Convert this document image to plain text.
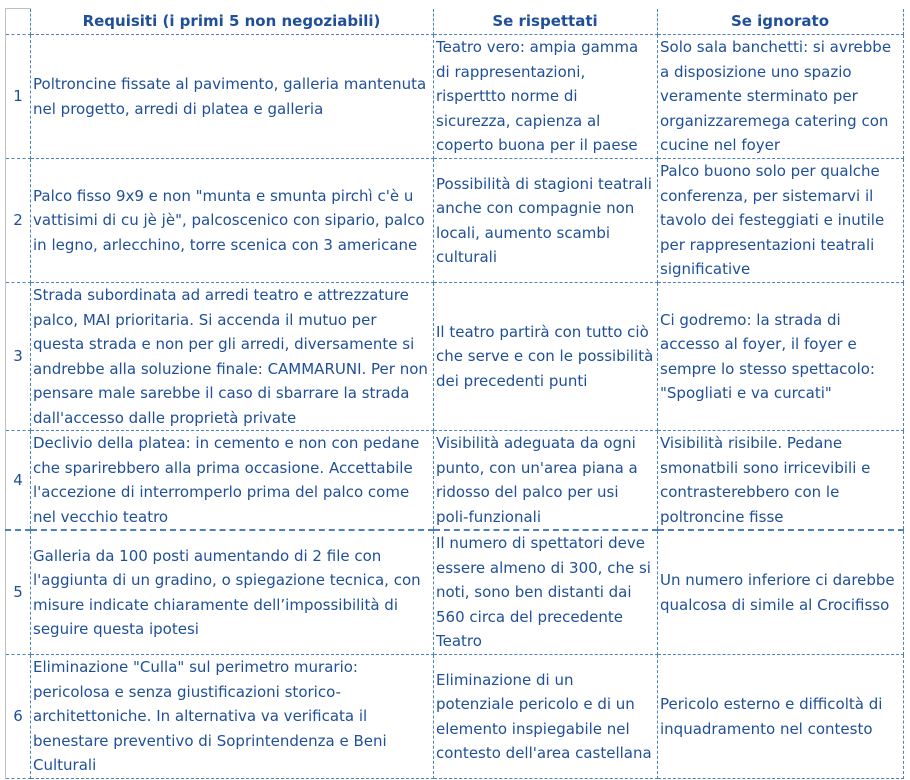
	Requisiti (i primi 5 non negoziabili)	Se rispettati	Se ignorato
1	Poltroncine fissate al pavimento, galleria mantenuta nel progetto, arredi di platea e galleria	Teatro vero: ampia gamma di rappresentazioni, risperttto norme di sicurezza, capienza al coperto buona per il paese	Solo sala banchetti: si avrebbe a disposizione uno spazio veramente sterminato per organizzaremega catering con cucine nel foyer
2	Palco fisso 9x9 e non "munta e smunta pirchì c'è u vattisimi di cu jè jè", palcoscenico con sipario, palco in legno, arlecchino, torre scenica con 3 americane	Possibilità di stagioni teatrali anche con compagnie non locali, aumento scambi culturali	Palco buono solo per qualche conferenza, per sistemarvi il tavolo dei festeggiati e inutile per rappresentazioni teatrali significative
3	Strada subordinata ad arredi teatro e attrezzature palco, MAI prioritaria. Si accenda il mutuo per questa strada e non per gli arredi, diversamente si andrebbe alla soluzione finale: CAMMARUNI. Per non pensare male sarebbe il caso di sbarrare la strada dall'accesso dalle proprietà private	Il teatro partirà con tutto ciò che serve e con le possibilità dei precedenti punti	Ci godremo: la strada di accesso al foyer, il foyer e sempre lo stesso spettacolo: "Spogliati e va curcati"
4	Declivio della platea: in cemento e non con pedane che sparirebbero alla prima occasione. Accettabile l'accezione di interromperlo prima del palco come nel vecchio teatro	Visibilità adeguata da ogni punto, con un'area piana a ridosso del palco per usi poli-funzionali	Visibilità risibile. Pedane smonatbili sono irricevibili e contrasterebbero con le poltroncine fisse
5	Galleria da 100 posti aumentando di 2 file con l'aggiunta di un gradino, o spiegazione tecnica, con misure indicate chiaramente dell’impossibilità di seguire questa ipotesi	Il numero di spettatori deve essere almeno di 300, che si noti, sono ben distanti dai 560 circa del precedente Teatro	Un numero inferiore ci darebbe qualcosa di simile al Crocifisso
6	Eliminazione "Culla" sul perimetro murario: pericolosa e senza giustificazioni storico-architettoniche. In alternativa va verificata il benestare preventivo di Soprintendenza e Beni Culturali	Eliminazione di un potenziale pericolo e di un elemento inspiegabile nel contesto dell'area castellana	Pericolo esterno e difficoltà di inquadramento nel contesto
